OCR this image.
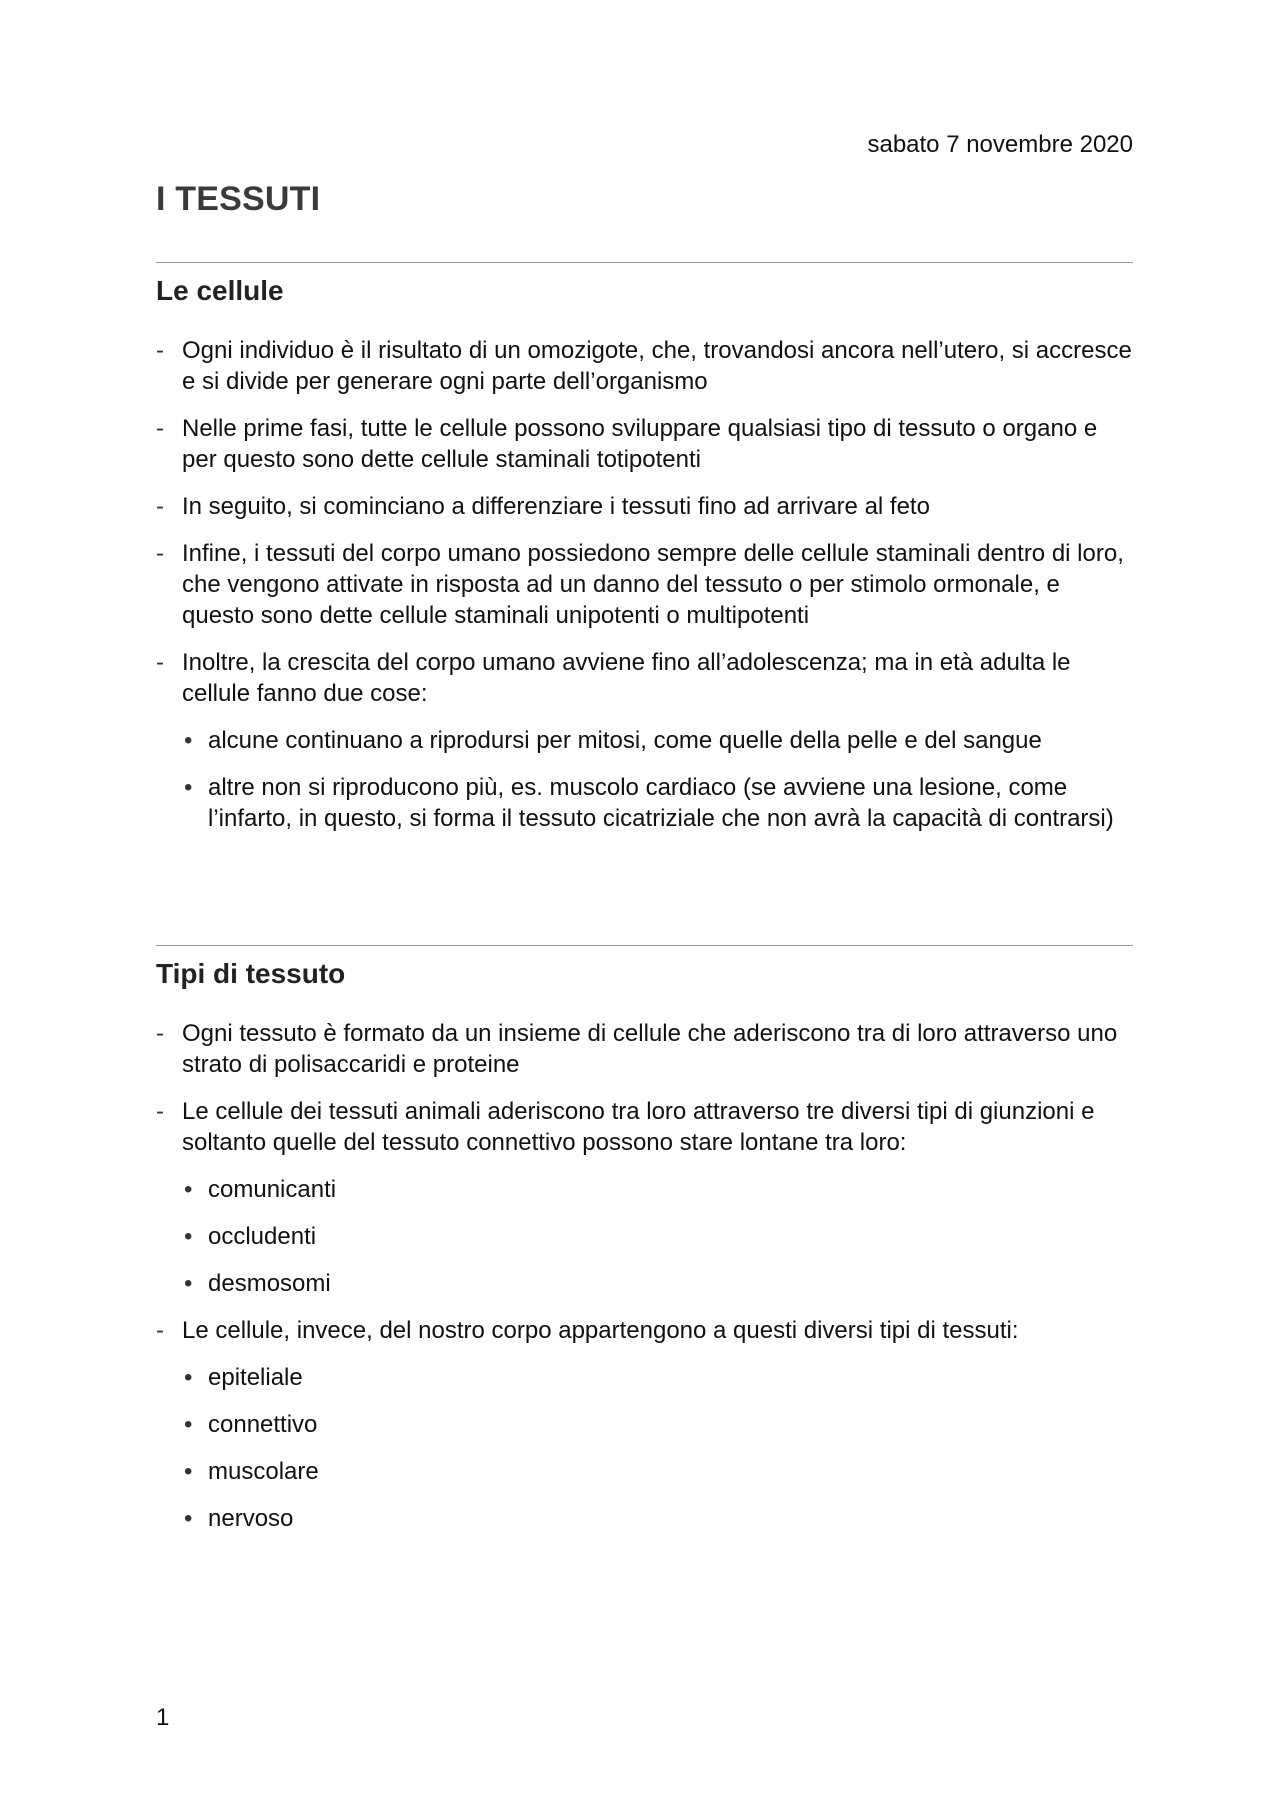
sabato 7 novembre 2020
I TESSUTI
Le cellule
- Ogni individuo è il risultato di un omozigote, che, trovandosi ancora nell’utero, si accresce e si divide per generare ogni parte dell’organismo
- Nelle prime fasi, tutte le cellule possono sviluppare qualsiasi tipo di tessuto o organo e per questo sono dette cellule staminali totipotenti
- In seguito, si cominciano a differenziare i tessuti fino ad arrivare al feto
- Infine, i tessuti del corpo umano possiedono sempre delle cellule staminali dentro di loro, che vengono attivate in risposta ad un danno del tessuto o per stimolo ormonale, e questo sono dette cellule staminali unipotenti o multipotenti
- Inoltre, la crescita del corpo umano avviene fino all’adolescenza; ma in età adulta le cellule fanno due cose:
• alcune continuano a riprodursi per mitosi, come quelle della pelle e del sangue
• altre non si riproducono più, es. muscolo cardiaco (se avviene una lesione, come l’infarto, in questo, si forma il tessuto cicatriziale che non avrà la capacità di contrarsi)
Tipi di tessuto
- Ogni tessuto è formato da un insieme di cellule che aderiscono tra di loro attraverso uno strato di polisaccaridi e proteine
- Le cellule dei tessuti animali aderiscono tra loro attraverso tre diversi tipi di giunzioni e soltanto quelle del tessuto connettivo possono stare lontane tra loro:
• comunicanti
• occludenti
• desmosomi
- Le cellule, invece, del nostro corpo appartengono a questi diversi tipi di tessuti:
• epiteliale
• connettivo
• muscolare
• nervoso
1
